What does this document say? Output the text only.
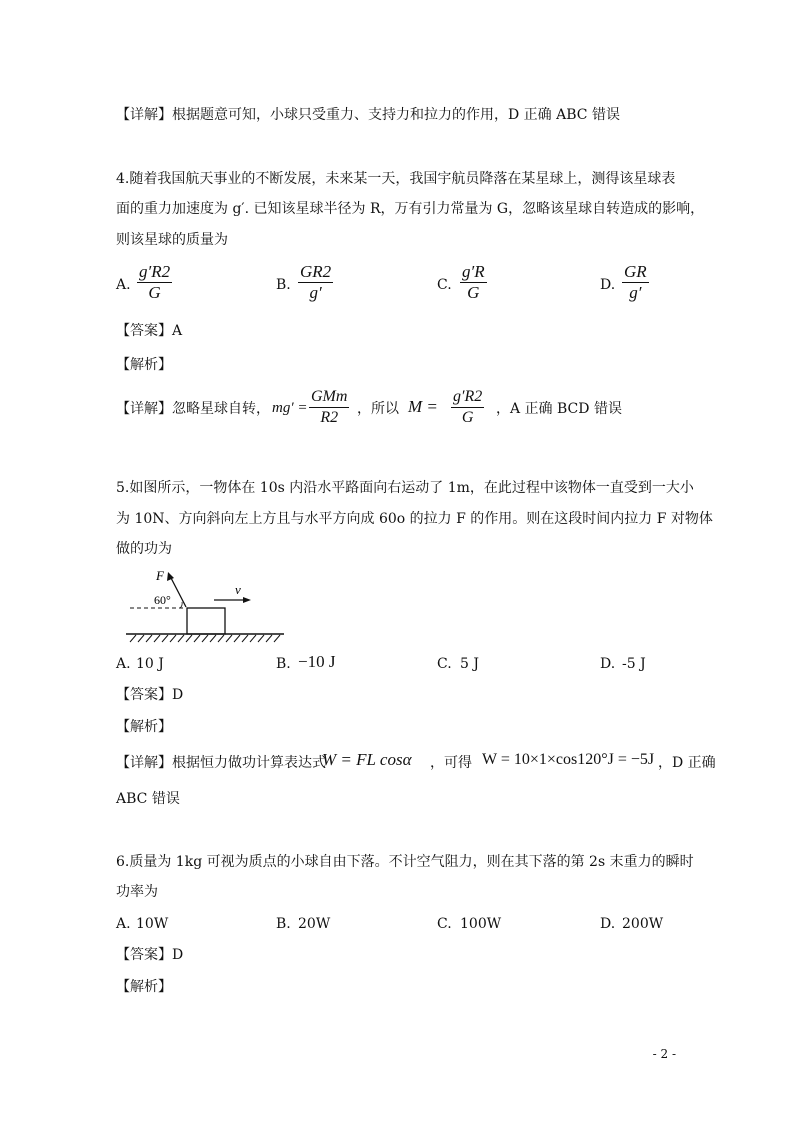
【详解】根据题意可知，小球只受重力、支持力和拉力的作用，D 正确 ABC 错误
4.随着我国航天事业的不断发展，未来某一天，我国宇航员降落在某星球上，测得该星球表
面的重力加速度为 g′. 已知该星球半径为 R，万有引力常量为 G，忽略该星球自转造成的影响，
则该星球的质量为
A.
g′R2
G	B.
GR2
g′	C.
g′R
G	D.
GR
g′
【答案】A
【解析】
【详解】忽略星球自转， mg′ =
GMm
R2	，所以 M =
g′R2
G	，A 正确 BCD 错误
5.如图所示，一物体在 10s 内沿水平路面向右运动了 1m，在此过程中该物体一直受到一大小
为 10N、方向斜向左上方且与水平方向成 60o 的拉力 F 的作用。则在这段时间内拉力 F 对物体
做的功为
F
60°
v
A. 10 J	B. −10 J	C. 5 J	D. -5 J
【答案】D
【解析】
【详解】根据恒力做功计算表达式
W = FL cosα ，可得 W = 10×1×cos120°J = −5J ，D 正确
ABC 错误
6.质量为 1kg 可视为质点的小球自由下落。不计空气阻力，则在其下落的第 2s 末重力的瞬时
功率为
A. 10W	B. 20W	C. 100W	D. 200W
【答案】D
【解析】
- 2 -
